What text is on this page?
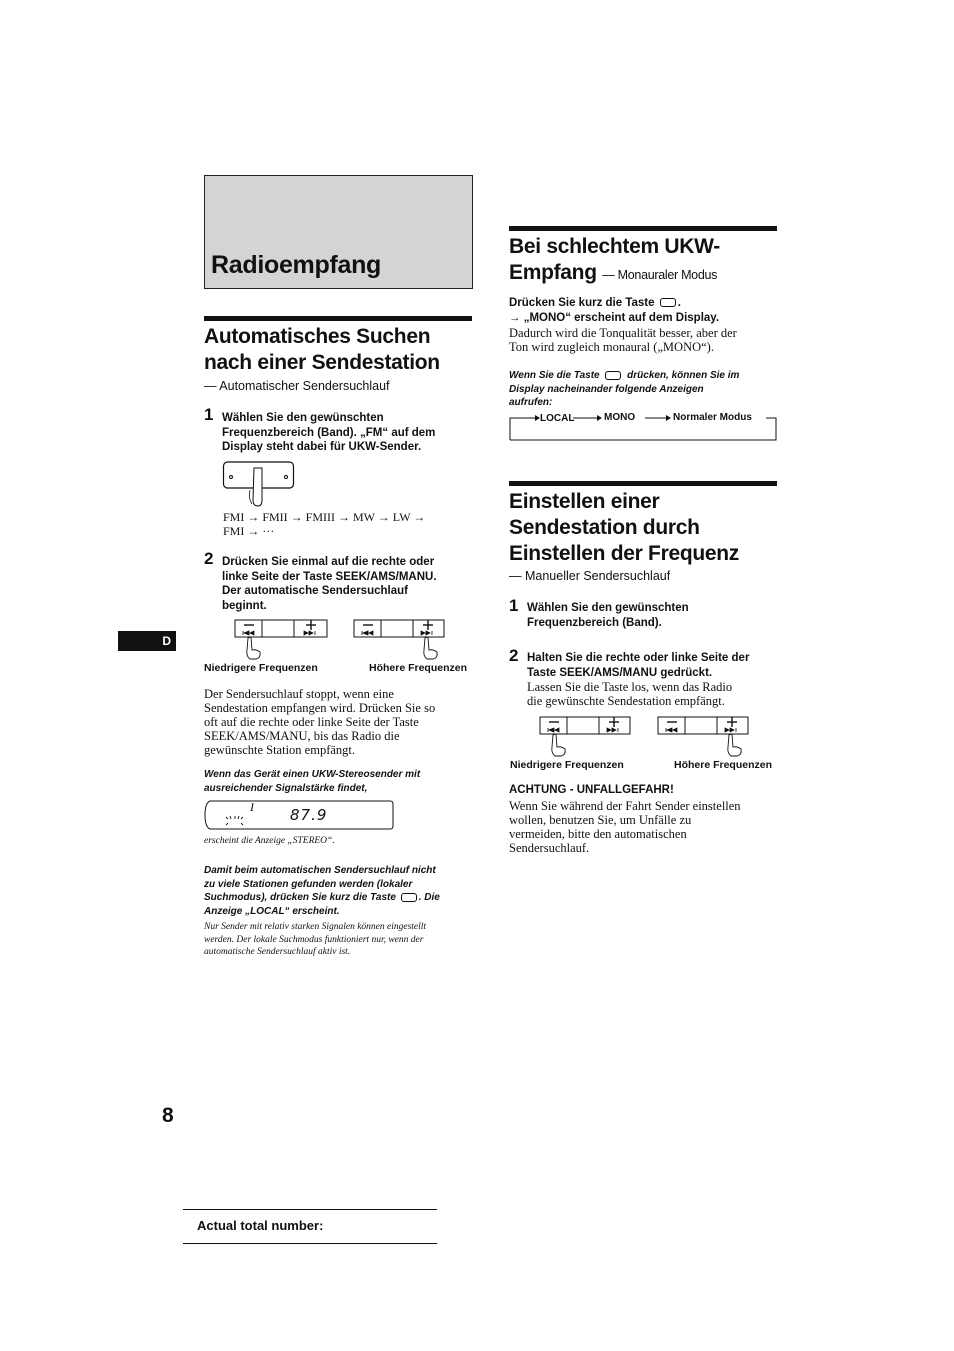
Radioempfang
Automatisches Suchen
nach einer Sendestation
— Automatischer Sendersuchlauf
1 Wählen Sie den gewünschten
Frequenzbereich (Band). „FM“ auf dem
Display steht dabei für UKW-Sender.
FMI → FMII → FMIII → MW → LW →
FMI → ···
2 Drücken Sie einmal auf die rechte oder
linke Seite der Taste SEEK/AMS/MANU.
Der automatische Sendersuchlauf
beginnt.
Niedrigere Frequenzen	Höhere Frequenzen
Der Sendersuchlauf stoppt, wenn eine
Sendestation empfangen wird. Drücken Sie so
oft auf die rechte oder linke Seite der Taste
SEEK/AMS/MANU, bis das Radio die
gewünschte Station empfängt.
Wenn das Gerät einen UKW-Stereosender mit
ausreichender Signalstärke findet,
I 87.9
erscheint die Anzeige „STEREO“.
Damit beim automatischen Sendersuchlauf nicht
zu viele Stationen gefunden werden (lokaler
Suchmodus), drücken Sie kurz die Taste . Die
Anzeige „LOCAL“ erscheint.
Nur Sender mit relativ starken Signalen können eingestellt
werden. Der lokale Suchmodus funktioniert nur, wenn der
automatische Sendersuchlauf aktiv ist.
Bei schlechtem UKW-
Empfang — Monauraler Modus
Drücken Sie kurz die Taste .
→ „MONO“ erscheint auf dem Display.
Dadurch wird die Tonqualität besser, aber der
Ton wird zugleich monaural („MONO“).
Wenn Sie die Taste	drücken, können Sie im
Display nacheinander folgende Anzeigen
aufrufen:
LOCAL	MONO	Normaler Modus
Einstellen einer
Sendestation durch
Einstellen der Frequenz
— Manueller Sendersuchlauf
1 Wählen Sie den gewünschten
Frequenzbereich (Band).
2 Halten Sie die rechte oder linke Seite der
Taste SEEK/AMS/MANU gedrückt.
Lassen Sie die Taste los, wenn das Radio
die gewünschte Sendestation empfängt.
Niedrigere Frequenzen	Höhere Frequenzen
ACHTUNG - UNFALLGEFAHR!
Wenn Sie während der Fahrt Sender einstellen
wollen, benutzen Sie, um Unfälle zu
vermeiden, bitte den automatischen
Sendersuchlauf.
D
8
Actual total number:
